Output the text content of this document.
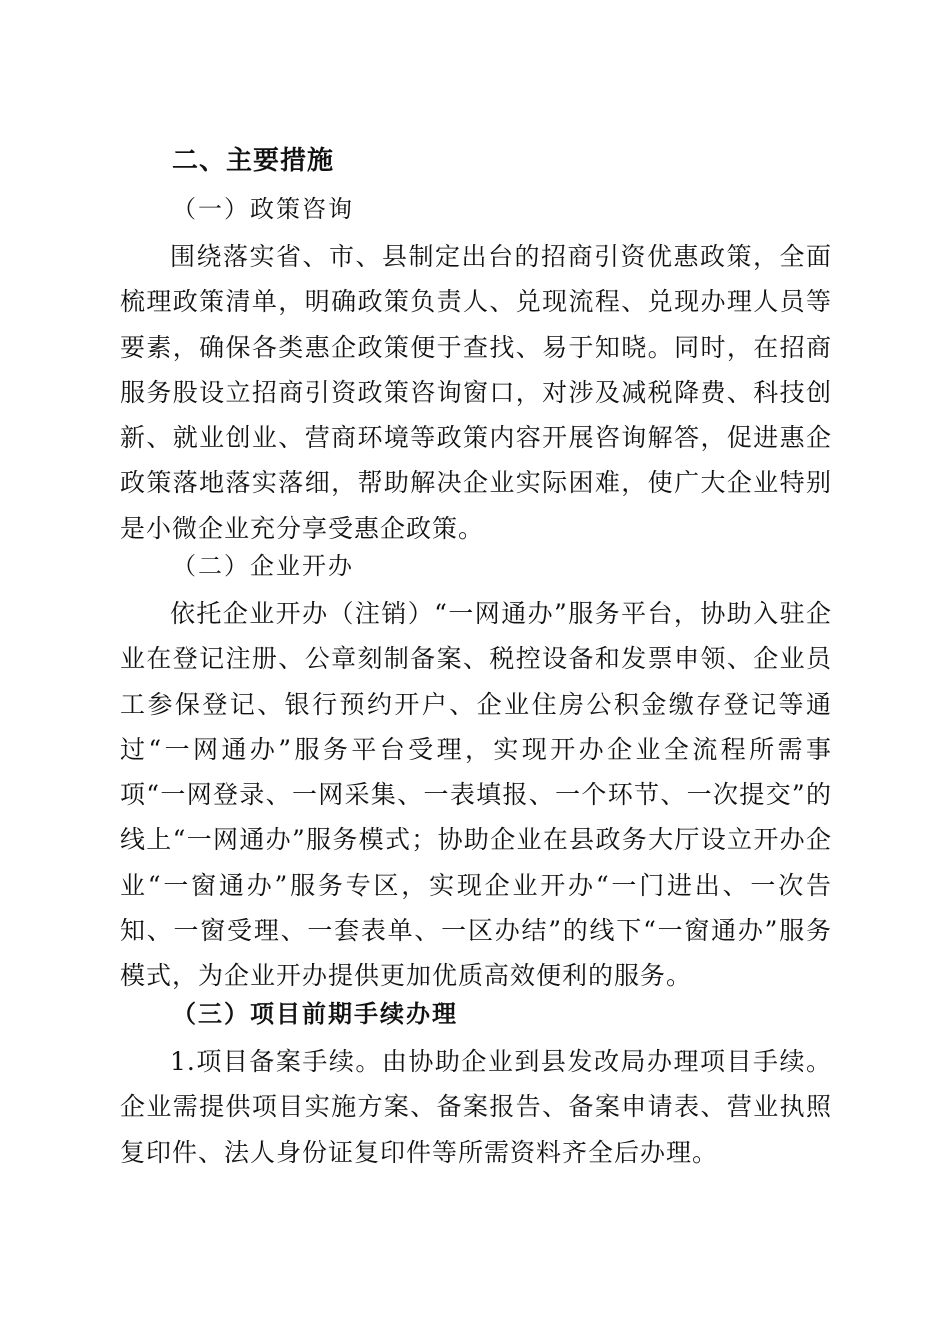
二、主要措施
（一）政策咨询

围绕落实省、市、县制定出台的招商引资优惠政策，全面梳理政策清单，明确政策负责人、兑现流程、兑现办理人员等要素，确保各类惠企政策便于查找、易于知晓。同时，在招商服务股设立招商引资政策咨询窗口，对涉及减税降费、科技创新、就业创业、营商环境等政策内容开展咨询解答，促进惠企政策落地落实落细，帮助解决企业实际困难，使广大企业特别是小微企业充分享受惠企政策。

（二）企业开办

依托企业开办（注销）“一网通办”服务平台，协助入驻企业在登记注册、公章刻制备案、税控设备和发票申领、企业员工参保登记、银行预约开户、企业住房公积金缴存登记等通过“一网通办”服务平台受理，实现开办企业全流程所需事项“一网登录、一网采集、一表填报、一个环节、一次提交”的线上“一网通办”服务模式；协助企业在县政务大厅设立开办企业“一窗通办”服务专区，实现企业开办“一门进出、一次告知、一窗受理、一套表单、一区办结”的线下“一窗通办”服务模式，为企业开办提供更加优质高效便利的服务。

（三）项目前期手续办理

1.项目备案手续。由协助企业到县发改局办理项目手续。企业需提供项目实施方案、备案报告、备案申请表、营业执照复印件、法人身份证复印件等所需资料齐全后办理。
